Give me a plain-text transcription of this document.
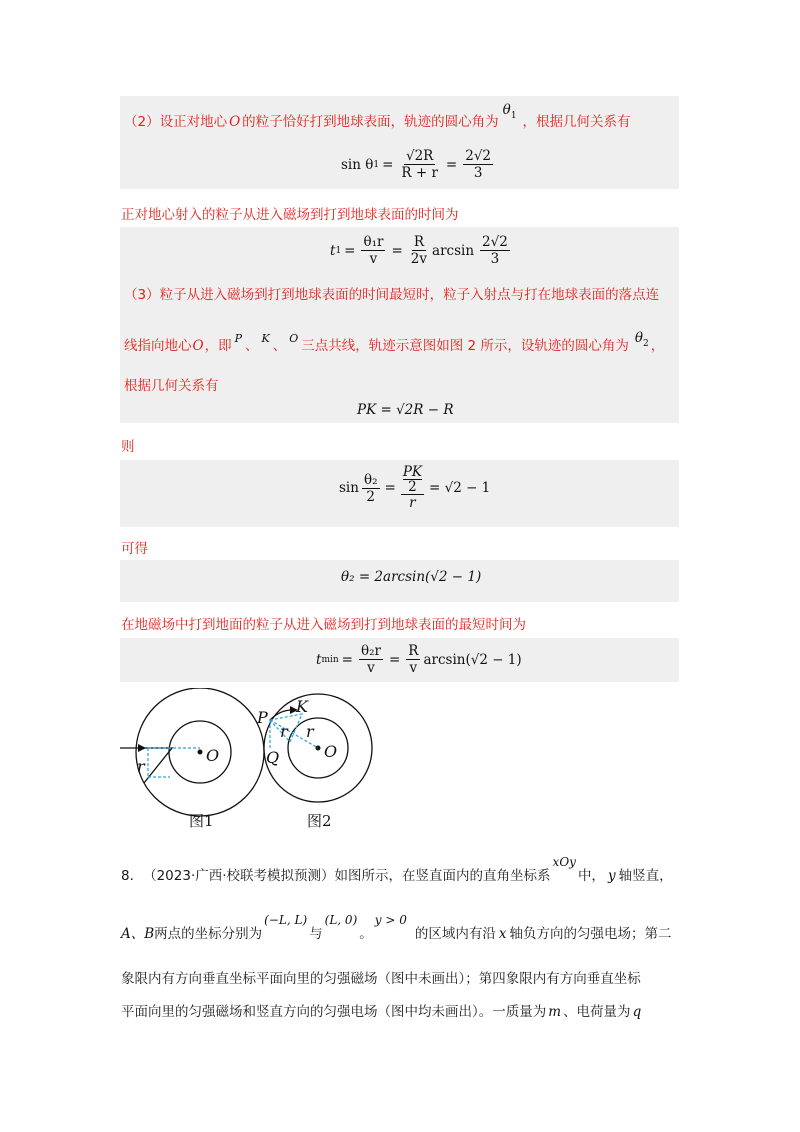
（2）设正对地心 O 的粒子恰好打到地球表面，轨迹的圆心角为
$\theta_1$ ，根据几何关系有
sin θ $1 = \frac{√2R}{R + r} = \frac{2√2}{3}$
正对地心射入的粒子从进入磁场到打到地球表面的时间为
t $1 = \frac{\text{θ₁r}}{v} = \frac{R}{2v}$ $\arcsin \frac{2√2}{3}$
（3）粒子从进入磁场到打到地球表面的时间最短时，粒子入射点与打在地球表面的落点连
线指向地心 O ，即 P 、 K 、 O 三点共线，轨迹示意图如图 2 所示，设轨迹的圆心角为 $\theta_2$ ，
根据几何关系有
PK = √2R − R
则
$\sin \frac{\text{θ₂}}{2}$ = PK
2
r = √2 − 1
可得
θ₂ = 2arcsin(√2 − 1)
在地磁场中打到地面的粒子从进入磁场到打到地球表面的最短时间为
t $\min = \frac{\text{θ₂r}}{v} = \frac{R}{v} \arcsin(√2 - 1)$
O
r
图1
P
K
r r
Q	O
图2
8． （2023·广西·校联考模拟预测）如图所示，在竖直面内的直角坐标系
xOy
中， y 轴竖直，
A、B 两点的坐标分别为
(−L, L)
与
(L, 0)
。
y > 0
的区域内有沿 x 轴负方向的匀强电场；第二
象限内有方向垂直坐标平面向里的匀强磁场（图中未画出）；第四象限内有方向垂直坐标
平面向里的匀强磁场和竖直方向的匀强电场（图中均未画出）。一质量为 m 、电荷量为 q
